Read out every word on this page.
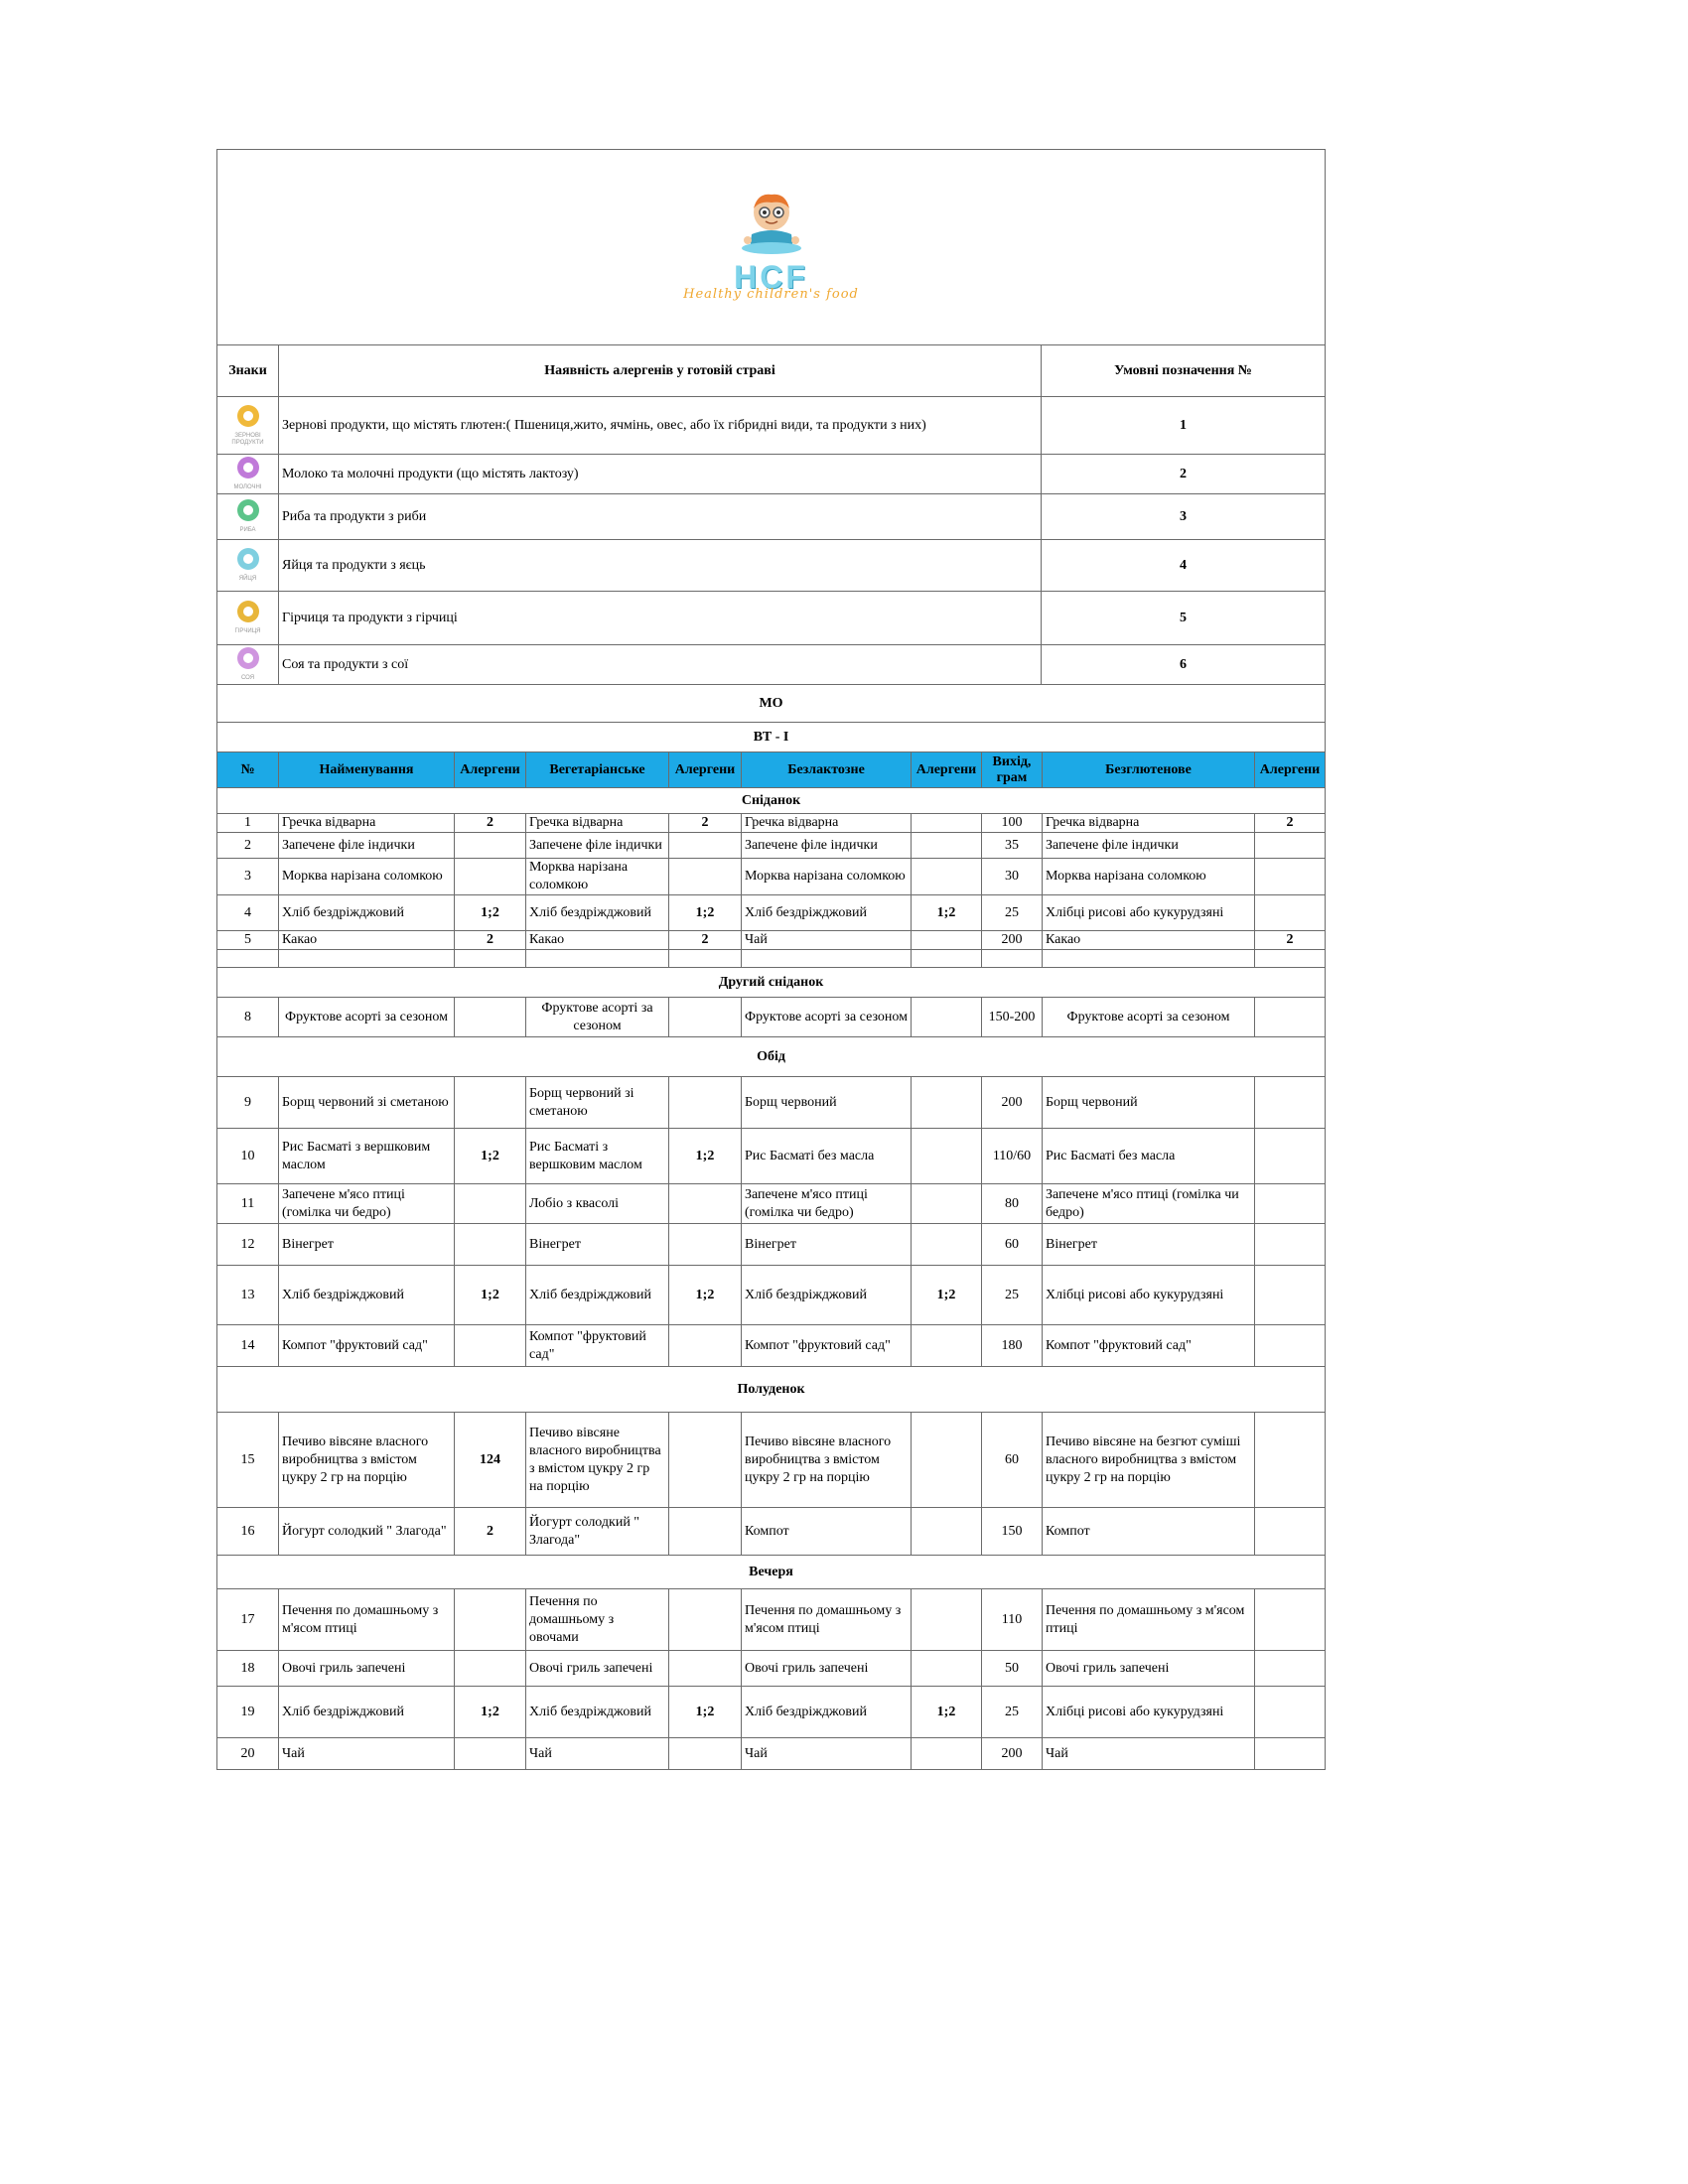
HCF
Healthy children's food		

Знаки	Наявність алергенів у готовій страві	Умовні позначення №

ЗЕРНОВІ ПРОДУКТИ	Зернові продукти, що містять глютен:( Пшениця,жито, ячмінь, овес, або їх гібридні види, та продукти з них)	1

МОЛОЧНІ	Молоко та молочні продукти (що містять лактозу)	2

РИБА	Риба та продукти з риби	3

ЯЙЦЯ	Яйця та продукти з яєць	4

ГІРЧИЦЯ	Гірчиця та продукти з гірчиці	5

СОЯ	Соя та продукти з сої	6
МО									
ВТ - І									
№	Найменування	Алергени	Вегетаріанське	Алергени	Безлактозне	Алергени	Вихід, грам	Безглютенове	Алергени
Сніданок									
1	Гречка відварна	2	Гречка відварна	2	Гречка відварна		100	Гречка відварна	2
2	Запечене філе індички		Запечене філе індички		Запечене філе індички		35	Запечене філе індички	
3	Морква нарізана соломкою		Морква нарізана соломкою		Морква нарізана соломкою		30	Морква нарізана соломкою	
4	Хліб бездріжджовий	1;2	Хліб бездріжджовий	1;2	Хліб бездріжджовий	1;2	25	Хлібці рисові або кукурудзяні	
5	Какао	2	Какао	2	Чай		200	Какао	2

Другий сніданок									
8	Фруктове асорті за сезоном		Фруктове асорті за сезоном		Фруктове асорті за сезоном		150-200	Фруктове асорті за сезоном	
Обід									
9	Борщ червоний зі сметаною		Борщ червоний зі сметаною		Борщ червоний		200	Борщ червоний	
10	Рис Басматі з вершковим маслом	1;2	Рис Басматі з вершковим маслом	1;2	Рис Басматі без масла		110/60	Рис Басматі без масла	
11	Запечене м'ясо птиці (гомілка чи бедро)		Лобіо з квасолі		Запечене м'ясо птиці (гомілка чи бедро)		80	Запечене м'ясо птиці (гомілка чи бедро)	
12	Вінегрет		Вінегрет		Вінегрет		60	Вінегрет	
13	Хліб бездріжджовий	1;2	Хліб бездріжджовий	1;2	Хліб бездріжджовий	1;2	25	Хлібці рисові або кукурудзяні	
14	Компот "фруктовий сад"		Компот "фруктовий сад"		Компот "фруктовий сад"		180	Компот "фруктовий сад"	
Полуденок									
15	Печиво вівсяне власного виробництва з вмістом цукру 2 гр на порцію	124	Печиво вівсяне власного виробництва з вмістом цукру 2 гр на порцію		Печиво вівсяне власного виробництва з вмістом цукру 2 гр на порцію		60	Печиво вівсяне на безгют суміші власного виробництва з вмістом цукру 2 гр на порцію	
16	Йогурт солодкий " Злагода"	2	Йогурт солодкий " Злагода"		Компот		150	Компот	
Вечеря									
17	Печення по домашньому з м'ясом птиці		Печення по домашньому з овочами		Печення по домашньому з м'ясом птиці		110	Печення по домашньому з м'ясом птиці	
18	Овочі гриль запечені		Овочі гриль запечені		Овочі гриль запечені		50	Овочі гриль запечені	
19	Хліб бездріжджовий	1;2	Хліб бездріжджовий	1;2	Хліб бездріжджовий	1;2	25	Хлібці рисові або кукурудзяні	
20	Чай		Чай		Чай		200	Чай	
